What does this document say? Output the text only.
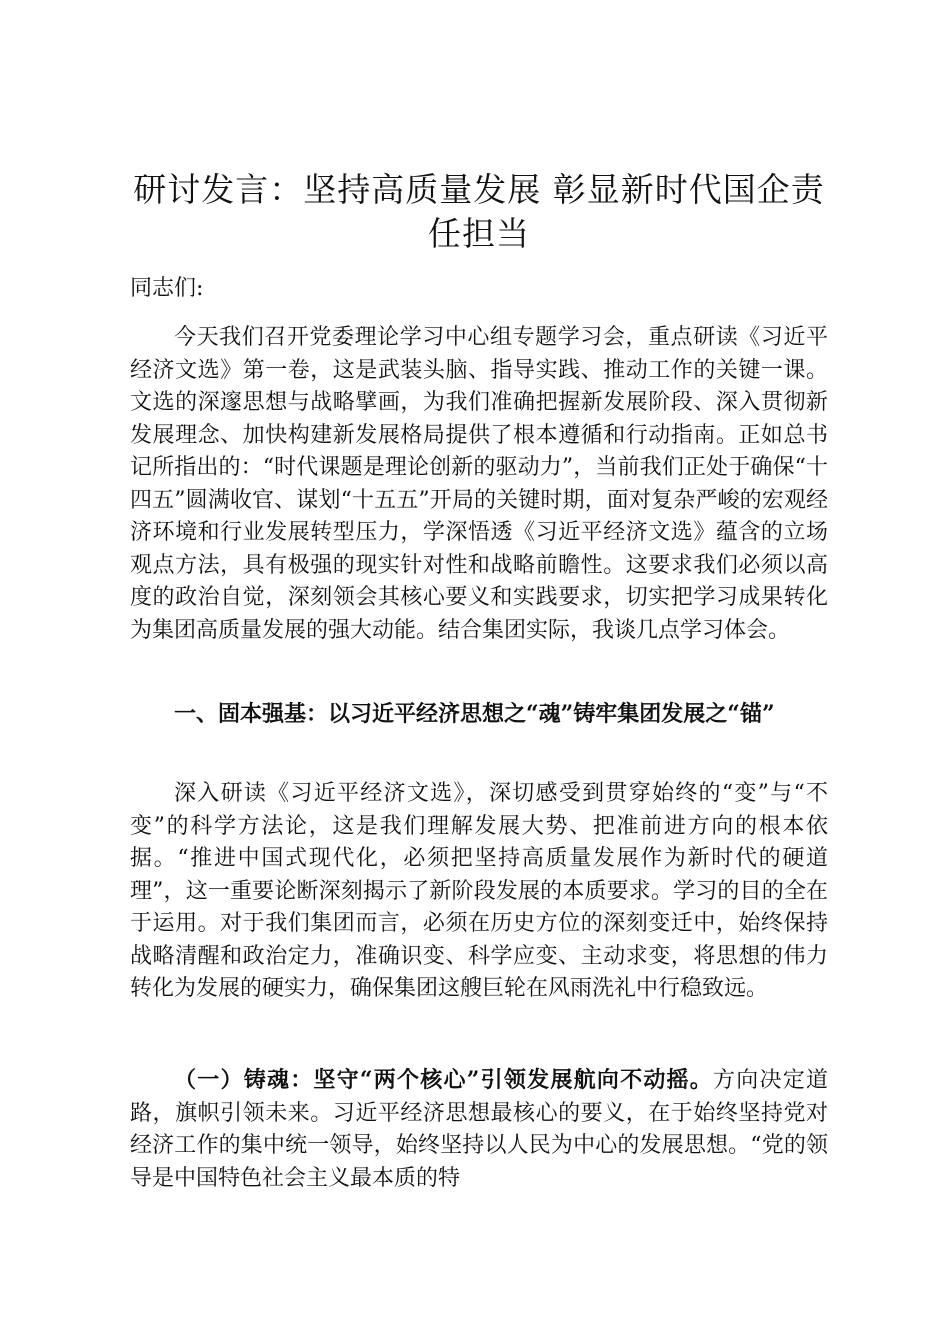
研讨发言：坚持高质量发展 彰显新时代国企责任担当

同志们:

今天我们召开党委理论学习中心组专题学习会，重点研读《习近平经济文选》第一卷，这是武装头脑、指导实践、推动工作的关键一课。文选的深邃思想与战略擘画，为我们准确把握新发展阶段、深入贯彻新发展理念、加快构建新发展格局提供了根本遵循和行动指南。正如总书记所指出的：“时代课题是理论创新的驱动力”，当前我们正处于确保“十四五”圆满收官、谋划“十五五”开局的关键时期，面对复杂严峻的宏观经济环境和行业发展转型压力，学深悟透《习近平经济文选》蕴含的立场观点方法，具有极强的现实针对性和战略前瞻性。这要求我们必须以高度的政治自觉，深刻领会其核心要义和实践要求，切实把学习成果转化为集团高质量发展的强大动能。结合集团实际，我谈几点学习体会。

一、固本强基：以习近平经济思想之“魂”铸牢集团发展之“锚”

深入研读《习近平经济文选》，深切感受到贯穿始终的“变”与“不变”的科学方法论，这是我们理解发展大势、把准前进方向的根本依据。“推进中国式现代化，必须把坚持高质量发展作为新时代的硬道理”，这一重要论断深刻揭示了新阶段发展的本质要求。学习的目的全在于运用。对于我们集团而言，必须在历史方位的深刻变迁中，始终保持战略清醒和政治定力，准确识变、科学应变、主动求变，将思想的伟力转化为发展的硬实力，确保集团这艘巨轮在风雨洗礼中行稳致远。

（一）铸魂：坚守“两个核心”引领发展航向不动摇。方向决定道路，旗帜引领未来。习近平经济思想最核心的要义，在于始终坚持党对经济工作的集中统一领导，始终坚持以人民为中心的发展思想。“党的领导是中国特色社会主义最本质的特
